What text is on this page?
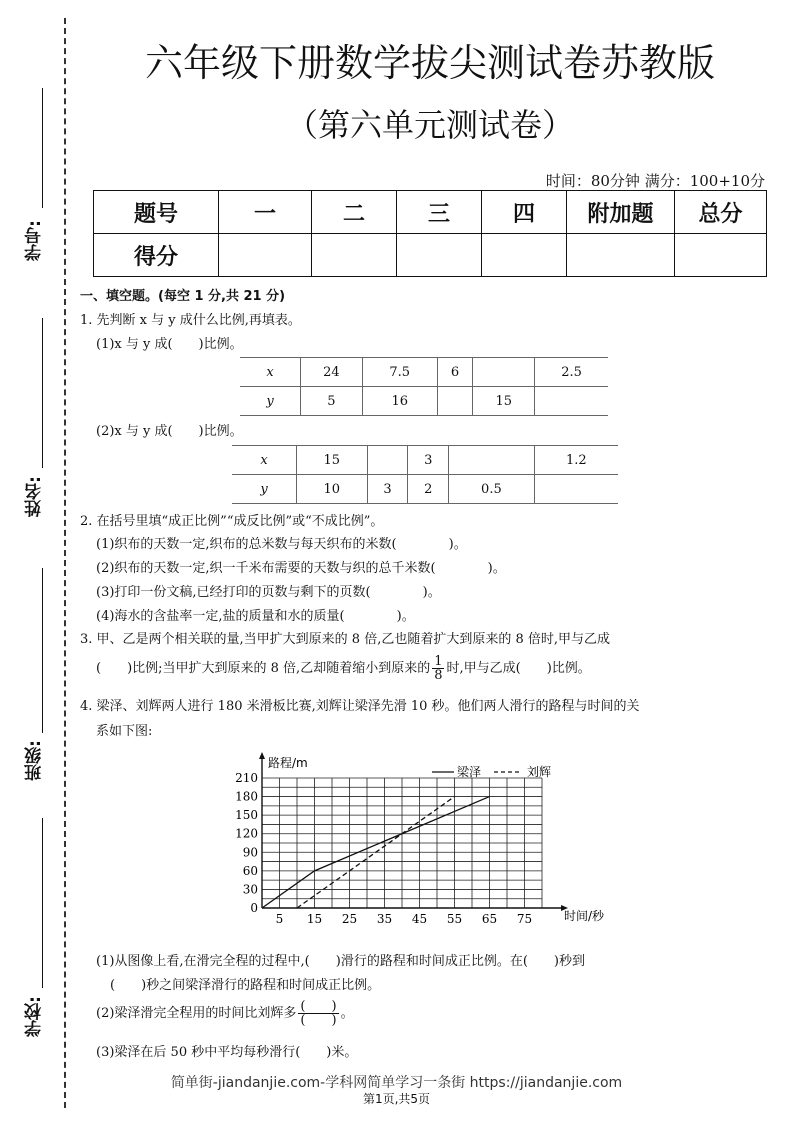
学号:
姓名:
班级:
学校:
六年级下册数学拔尖测试卷苏教版
（第六单元测试卷）
时间：80分钟 满分：100+10分
题号	一	二	三	四	附加题	总分
得分						
一、填空题。(每空 1 分,共 21 分)
1. 先判断 x 与 y 成什么比例,再填表。
(1)x 与 y 成(　　)比例。
x	24	7.5	6		2.5
y	5	16		15	
(2)x 与 y 成(　　)比例。
x	15		3		1.2
y	10	3	2	0.5	
2. 在括号里填“成正比例”“成反比例”或“不成比例”。
(1)织布的天数一定,织布的总米数与每天织布的米数(　　　　)。
(2)织布的天数一定,织一千米布需要的天数与织的总千米数(　　　　)。
(3)打印一份文稿,已经打印的页数与剩下的页数(　　　　)。
(4)海水的含盐率一定,盐的质量和水的质量(　　　　)。
3. 甲、乙是两个相关联的量,当甲扩大到原来的 8 倍,乙也随着扩大到原来的 8 倍时,甲与乙成
(　　)比例;当甲扩大到原来的 8 倍,乙却随着缩小到原来的 $\frac{1}{8}$ 时,甲与乙成(　　)比例。
4. 梁泽、刘辉两人进行 180 米滑板比赛,刘辉让梁泽先滑 10 秒。他们两人滑行的路程与时间的关
系如下图:
5 15 25 35 45 55 65 75
0
30
60
90
120
150
180
210
路程/m
时间/秒
梁泽	刘辉
(1)从图像上看,在滑完全程的过程中,(　　)滑行的路程和时间成正比例。在(　　)秒到
(　　)秒之间梁泽滑行的路程和时间成正比例。
(2)梁泽滑完全程用的时间比刘辉多 $\frac{( )}{( )}$ 。
(3)梁泽在后 50 秒中平均每秒滑行(　　)米。
简单街-jiandanjie.com-学科网简单学习一条街 https://jiandanjie.com
第1页,共5页
